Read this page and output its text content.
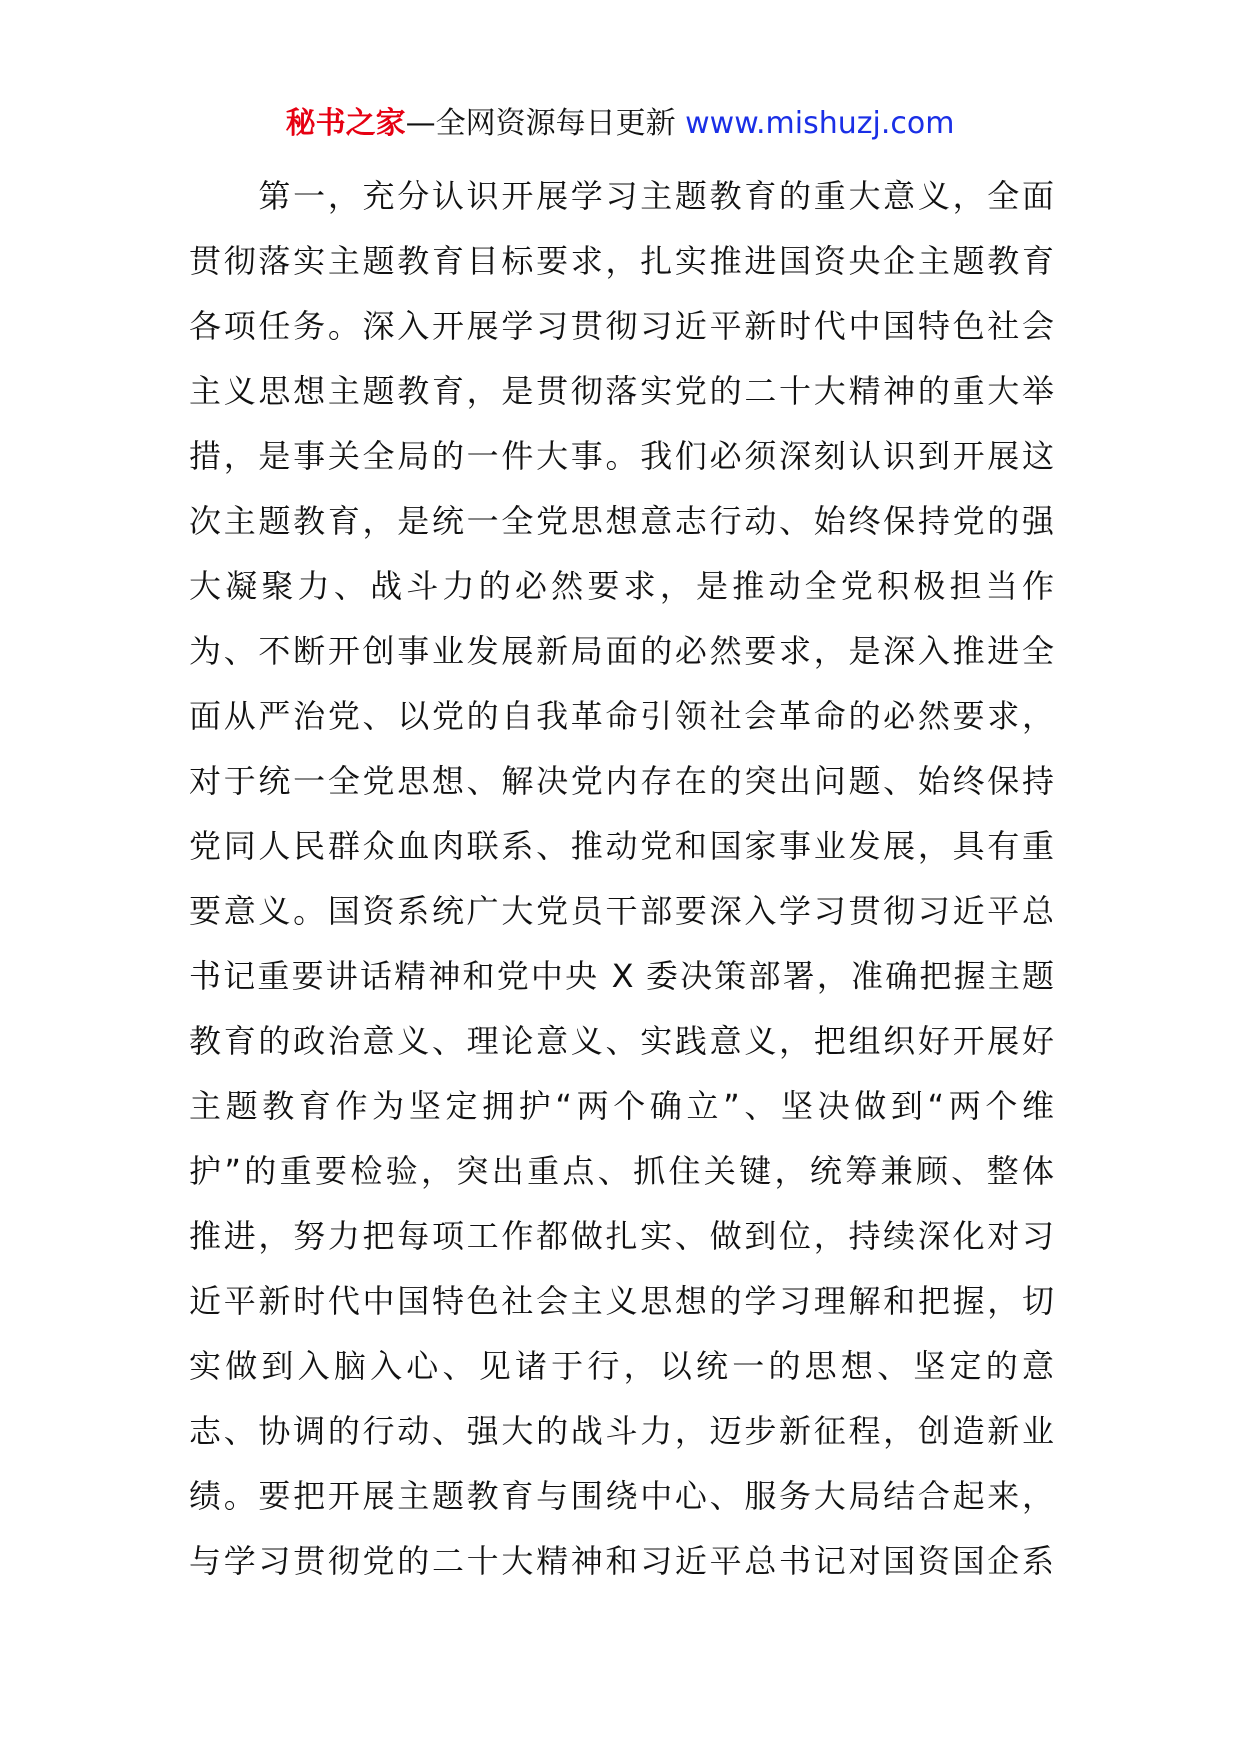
秘书之家—全网资源每日更新 www.mishuzj.com
　　第一，充分认识开展学习主题教育的重大意义，全面
贯彻落实主题教育目标要求，扎实推进国资央企主题教育
各项任务。深入开展学习贯彻习近平新时代中国特色社会
主义思想主题教育，是贯彻落实党的二十大精神的重大举
措，是事关全局的一件大事。我们必须深刻认识到开展这
次主题教育，是统一全党思想意志行动、始终保持党的强
大凝聚力、战斗力的必然要求，是推动全党积极担当作
为、不断开创事业发展新局面的必然要求，是深入推进全
面从严治党、以党的自我革命引领社会革命的必然要求，
对于统一全党思想、解决党内存在的突出问题、始终保持
党同人民群众血肉联系、推动党和国家事业发展，具有重
要意义。国资系统广大党员干部要深入学习贯彻习近平总
书记重要讲话精神和党中央 X 委决策部署，准确把握主题
教育的政治意义、理论意义、实践意义，把组织好开展好
主题教育作为坚定拥护“两个确立”、坚决做到“两个维
护”的重要检验，突出重点、抓住关键，统筹兼顾、整体
推进，努力把每项工作都做扎实、做到位，持续深化对习
近平新时代中国特色社会主义思想的学习理解和把握，切
实做到入脑入心、见诸于行，以统一的思想、坚定的意
志、协调的行动、强大的战斗力，迈步新征程，创造新业
绩。要把开展主题教育与围绕中心、服务大局结合起来，
与学习贯彻党的二十大精神和习近平总书记对国资国企系
